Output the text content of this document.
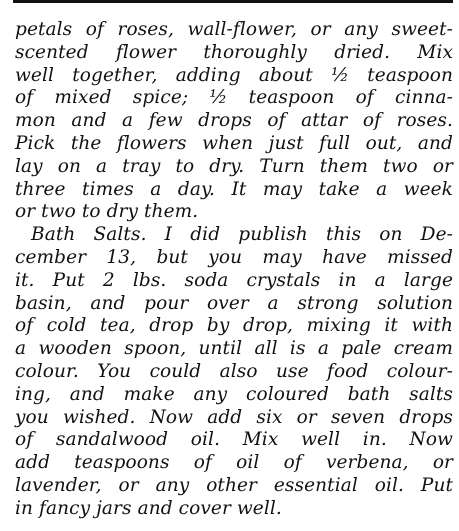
petals of roses, wall-flower, or any sweet-
scented flower thoroughly dried. Mix
well together, adding about ½ teaspoon
of mixed spice; ½ teaspoon of cinna-
mon and a few drops of attar of roses.
Pick the flowers when just full out, and
lay on a tray to dry. Turn them two or
three times a day. It may take a week
or two to dry them.
Bath Salts. I did publish this on De-
cember 13, but you may have missed
it. Put 2 lbs. soda crystals in a large
basin, and pour over a strong solution
of cold tea, drop by drop, mixing it with
a wooden spoon, until all is a pale cream
colour. You could also use food colour-
ing, and make any coloured bath salts
you wished. Now add six or seven drops
of sandalwood oil. Mix well in. Now
add teaspoons of oil of verbena, or
lavender, or any other essential oil. Put
in fancy jars and cover well.
